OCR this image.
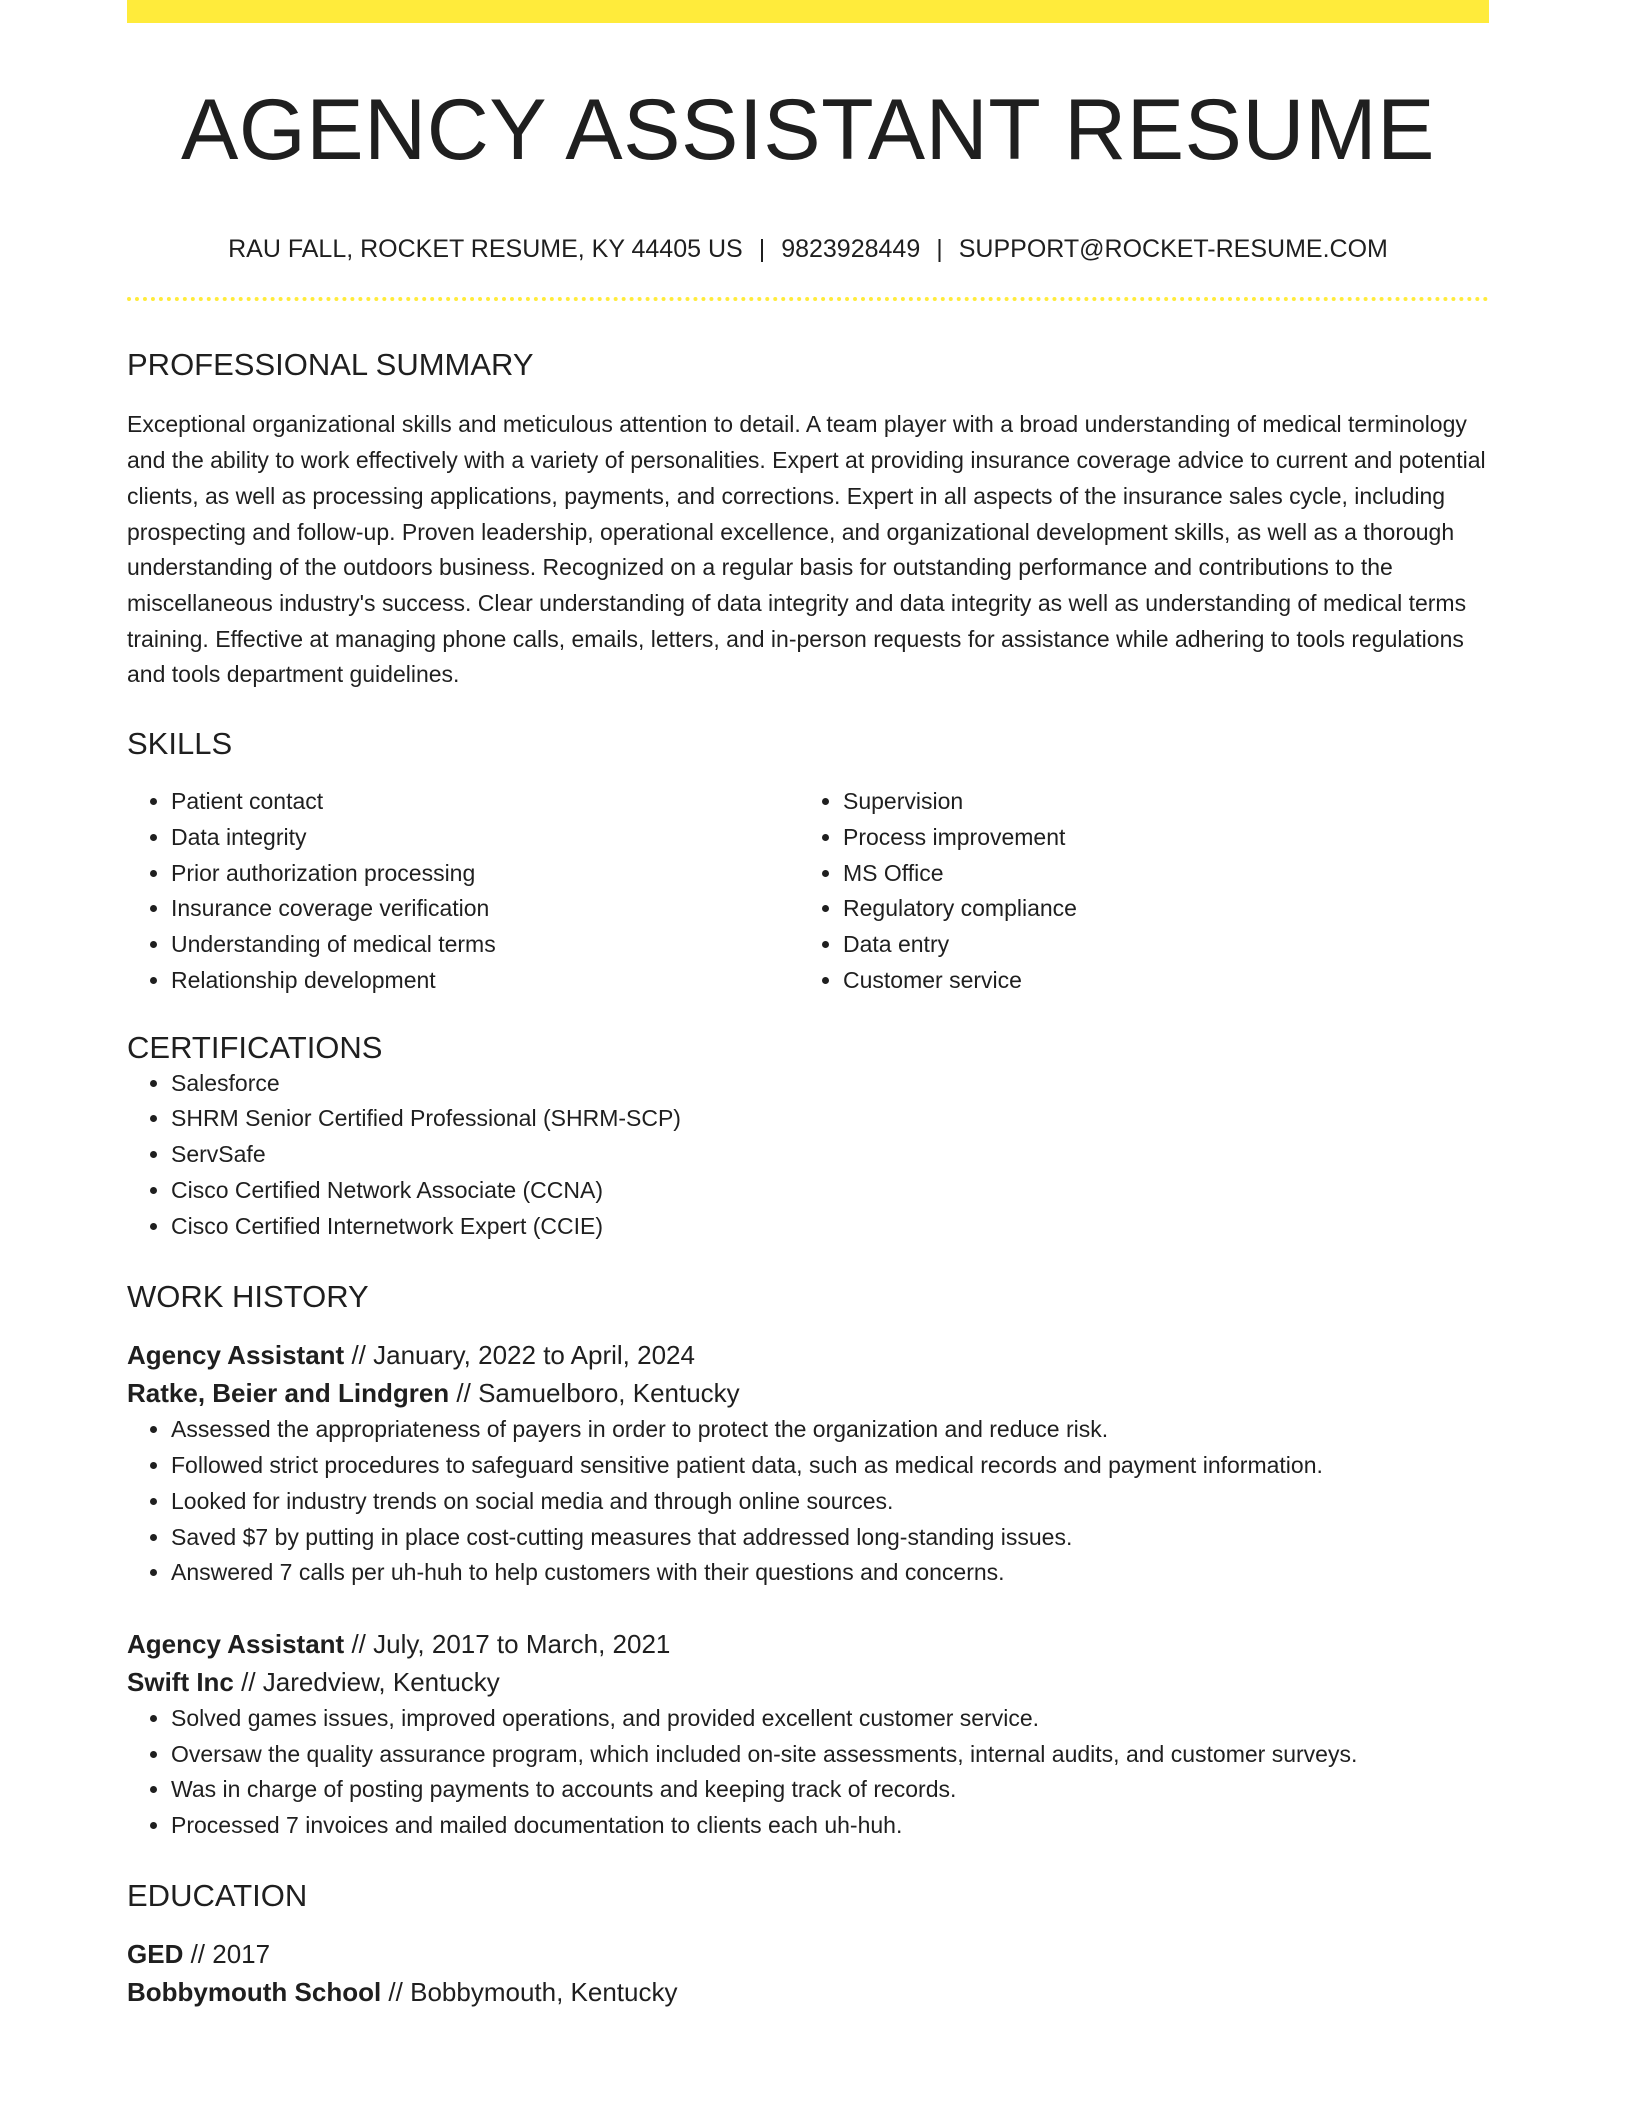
AGENCY ASSISTANT RESUME
RAU FALL, ROCKET RESUME, KY 44405 US | 9823928449 | SUPPORT@ROCKET-RESUME.COM
PROFESSIONAL SUMMARY

Exceptional organizational skills and meticulous attention to detail. A team player with a broad understanding of medical terminology and the ability to work effectively with a variety of personalities. Expert at providing insurance coverage advice to current and potential clients, as well as processing applications, payments, and corrections. Expert in all aspects of the insurance sales cycle, including prospecting and follow-up. Proven leadership, operational excellence, and organizational development skills, as well as a thorough understanding of the outdoors business. Recognized on a regular basis for outstanding performance and contributions to the miscellaneous industry's success. Clear understanding of data integrity and data integrity as well as understanding of medical terms training. Effective at managing phone calls, emails, letters, and in-person requests for assistance while adhering to tools regulations and tools department guidelines.

SKILLS
• Patient contact
• Data integrity
• Prior authorization processing
• Insurance coverage verification
• Understanding of medical terms
• Relationship development
• Supervision
• Process improvement
• MS Office
• Regulatory compliance
• Data entry
• Customer service
CERTIFICATIONS
• Salesforce
• SHRM Senior Certified Professional (SHRM-SCP)
• ServSafe
• Cisco Certified Network Associate (CCNA)
• Cisco Certified Internetwork Expert (CCIE)
WORK HISTORY
Agency Assistant // January, 2022 to April, 2024
Ratke, Beier and Lindgren // Samuelboro, Kentucky
• Assessed the appropriateness of payers in order to protect the organization and reduce risk.
• Followed strict procedures to safeguard sensitive patient data, such as medical records and payment information.
• Looked for industry trends on social media and through online sources.
• Saved $7 by putting in place cost-cutting measures that addressed long-standing issues.
• Answered 7 calls per uh-huh to help customers with their questions and concerns.
Agency Assistant // July, 2017 to March, 2021
Swift Inc // Jaredview, Kentucky
• Solved games issues, improved operations, and provided excellent customer service.
• Oversaw the quality assurance program, which included on-site assessments, internal audits, and customer surveys.
• Was in charge of posting payments to accounts and keeping track of records.
• Processed 7 invoices and mailed documentation to clients each uh-huh.
EDUCATION
GED // 2017
Bobbymouth School // Bobbymouth, Kentucky
